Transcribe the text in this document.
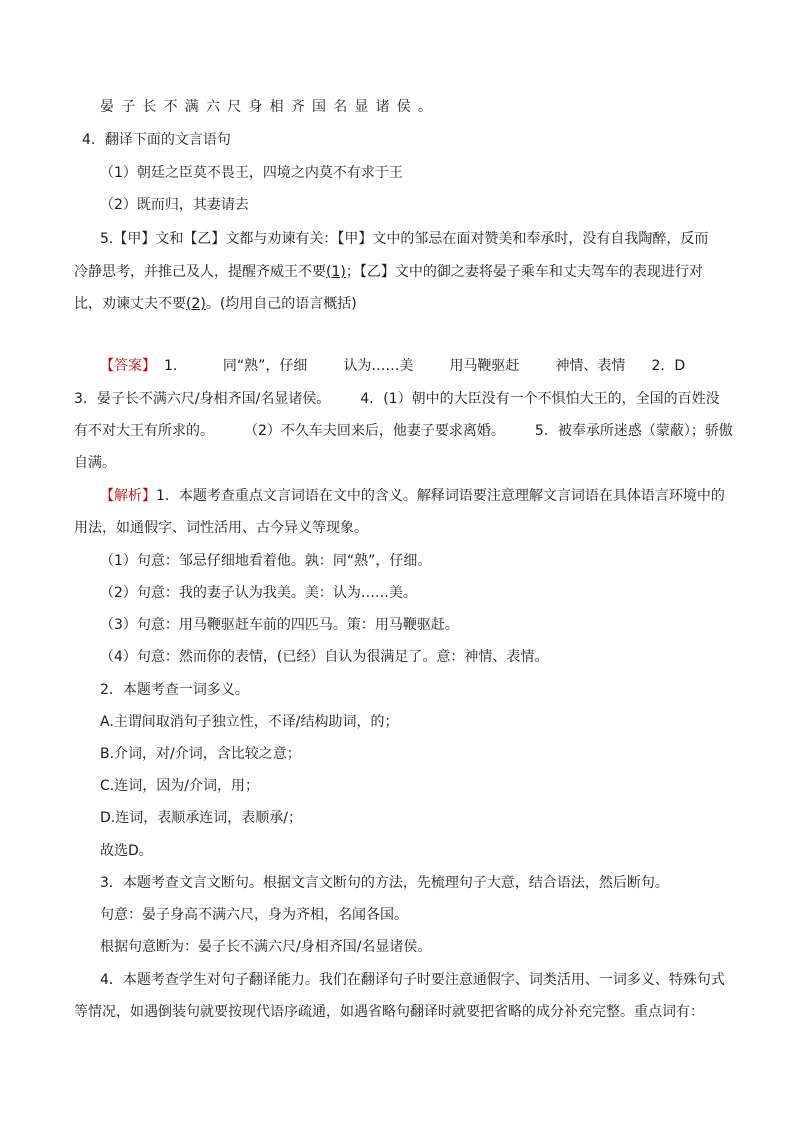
晏子长不满六尺身相齐国名显诸侯。
4．翻译下面的文言语句
（1）朝廷之臣莫不畏王，四境之内莫不有求于王
（2）既而归，其妻请去
5.【甲】文和【乙】文都与劝谏有关：【甲】文中的邹忌在面对赞美和奉承时，没有自我陶醉，反而
冷静思考，并推己及人，提醒齐威王不要(1)；【乙】文中的御之妻将晏子乘车和丈夫驾车的表现进行对
比，劝谏丈夫不要(2)。(均用自己的语言概括)
【答案】 1．	同“熟”，仔细	认为……美	用马鞭驱赶	神情、表情 2．D
3．晏子长不满六尺/身相齐国/名显诸侯。 4．(1）朝中的大臣没有一个不惧怕大王的，全国的百姓没
有不对大王有所求的。 （2）不久车夫回来后，他妻子要求离婚。 5．被奉承所迷惑（蒙蔽）；骄傲
自满。
【解析】1．本题考查重点文言词语在文中的含义。解释词语要注意理解文言词语在具体语言环境中的
用法，如通假字、词性活用、古今异义等现象。
（1）句意：邹忌仔细地看着他。孰：同“熟”，仔细。
（2）句意：我的妻子认为我美。美：认为……美。
（3）句意：用马鞭驱赶车前的四匹马。策：用马鞭驱赶。
（4）句意：然而你的表情，(已经）自认为很满足了。意：神情、表情。
2．本题考查一词多义。
A.主谓间取消句子独立性，不译/结构助词，的；
B.介词，对/介词，含比较之意；
C.连词，因为/介词，用；
D.连词，表顺承连词，表顺承/；
故选D。
3．本题考查文言文断句。根据文言文断句的方法，先梳理句子大意，结合语法，然后断句。
句意：晏子身高不满六尺，身为齐相，名闻各国。
根据句意断为：晏子长不满六尺/身相齐国/名显诸侯。
4．本题考查学生对句子翻译能力。我们在翻译句子时要注意通假字、词类活用、一词多义、特殊句式
等情况，如遇倒装句就要按现代语序疏通，如遇省略句翻译时就要把省略的成分补充完整。重点词有：
